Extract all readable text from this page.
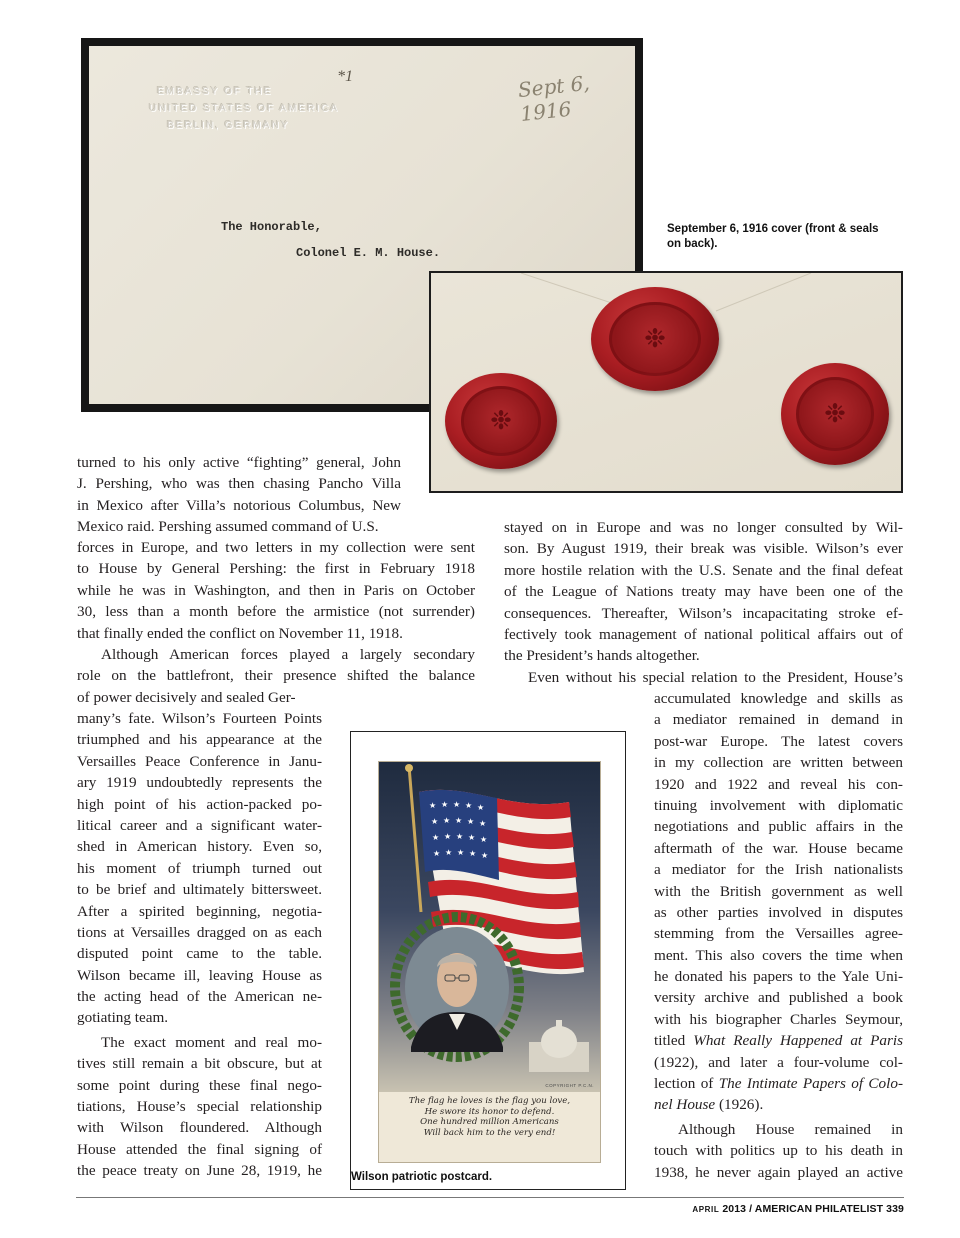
EMBASSY OF THE
UNITED STATES OF AMERICA
BERLIN, GERMANY
*1	Sept 6, 1916
The Honorable,
Colonel E. M. House.
September 6, 1916 cover (front & seals
on back).
❉
❉	❉
turned to his only active “fighting” general, John
J. Pershing, who was then chasing Pancho Villa
in Mexico after Villa’s notorious Columbus, New
Mexico raid. Pershing assumed command of U.S.
forces in Europe, and two letters in my collection were sent
to House by General Pershing: the first in February 1918
while he was in Washington, and then in Paris on October
30, less than a month before the armistice (not surrender)
that finally ended the conflict on November 11, 1918.
Although American forces played a largely secondary
role on the battlefront, their presence shifted the balance
of power decisively and sealed Ger-
many’s fate. Wilson’s Fourteen Points
triumphed and his appearance at the
Versailles Peace Conference in Janu-
ary 1919 undoubtedly represents the
high point of his action-packed po-
litical career and a significant water-
shed in American history. Even so,
his moment of triumph turned out
to be brief and ultimately bittersweet.
After a spirited beginning, negotia-
tions at Versailles dragged on as each
disputed point came to the table.
Wilson became ill, leaving House as
the acting head of the American ne-
gotiating team.
The exact moment and real mo-
tives still remain a bit obscure, but at
some point during these final nego-
tiations, House’s special relationship
with Wilson floundered. Although
House attended the final signing of
the peace treaty on June 28, 1919, he
★ ★ ★ ★ ★
★ ★ ★ ★ ★
★ ★ ★ ★ ★
★ ★ ★ ★ ★
COPYRIGHT P.C.N.
The flag he loves is the flag you love,
He swore its honor to defend.
One hundred million Americans
Will back him to the very end!
Wilson patriotic postcard.
stayed on in Europe and was no longer consulted by Wil-
son. By August 1919, their break was visible. Wilson’s ever
more hostile relation with the U.S. Senate and the final defeat
of the League of Nations treaty may have been one of the
consequences. Thereafter, Wilson’s incapacitating stroke ef-
fectively took management of national political affairs out of
the President’s hands altogether.
Even without his special relation to the President, House’s
accumulated knowledge and skills as
a mediator remained in demand in
post-war Europe. The latest covers
in my collection are written between
1920 and 1922 and reveal his con-
tinuing involvement with diplomatic
negotiations and public affairs in the
aftermath of the war. House became
a mediator for the Irish nationalists
with the British government as well
as other parties involved in disputes
stemming from the Versailles agree-
ment. This also covers the time when
he donated his papers to the Yale Uni-
versity archive and published a book
with his biographer Charles Seymour,
titled What Really Happened at Paris
(1922), and later a four-volume col-
lection of The Intimate Papers of Colo-
nel House (1926).
Although House remained in
touch with politics up to his death in
1938, he never again played an active
APRIL 2013 / AMERICAN PHILATELIST 339
